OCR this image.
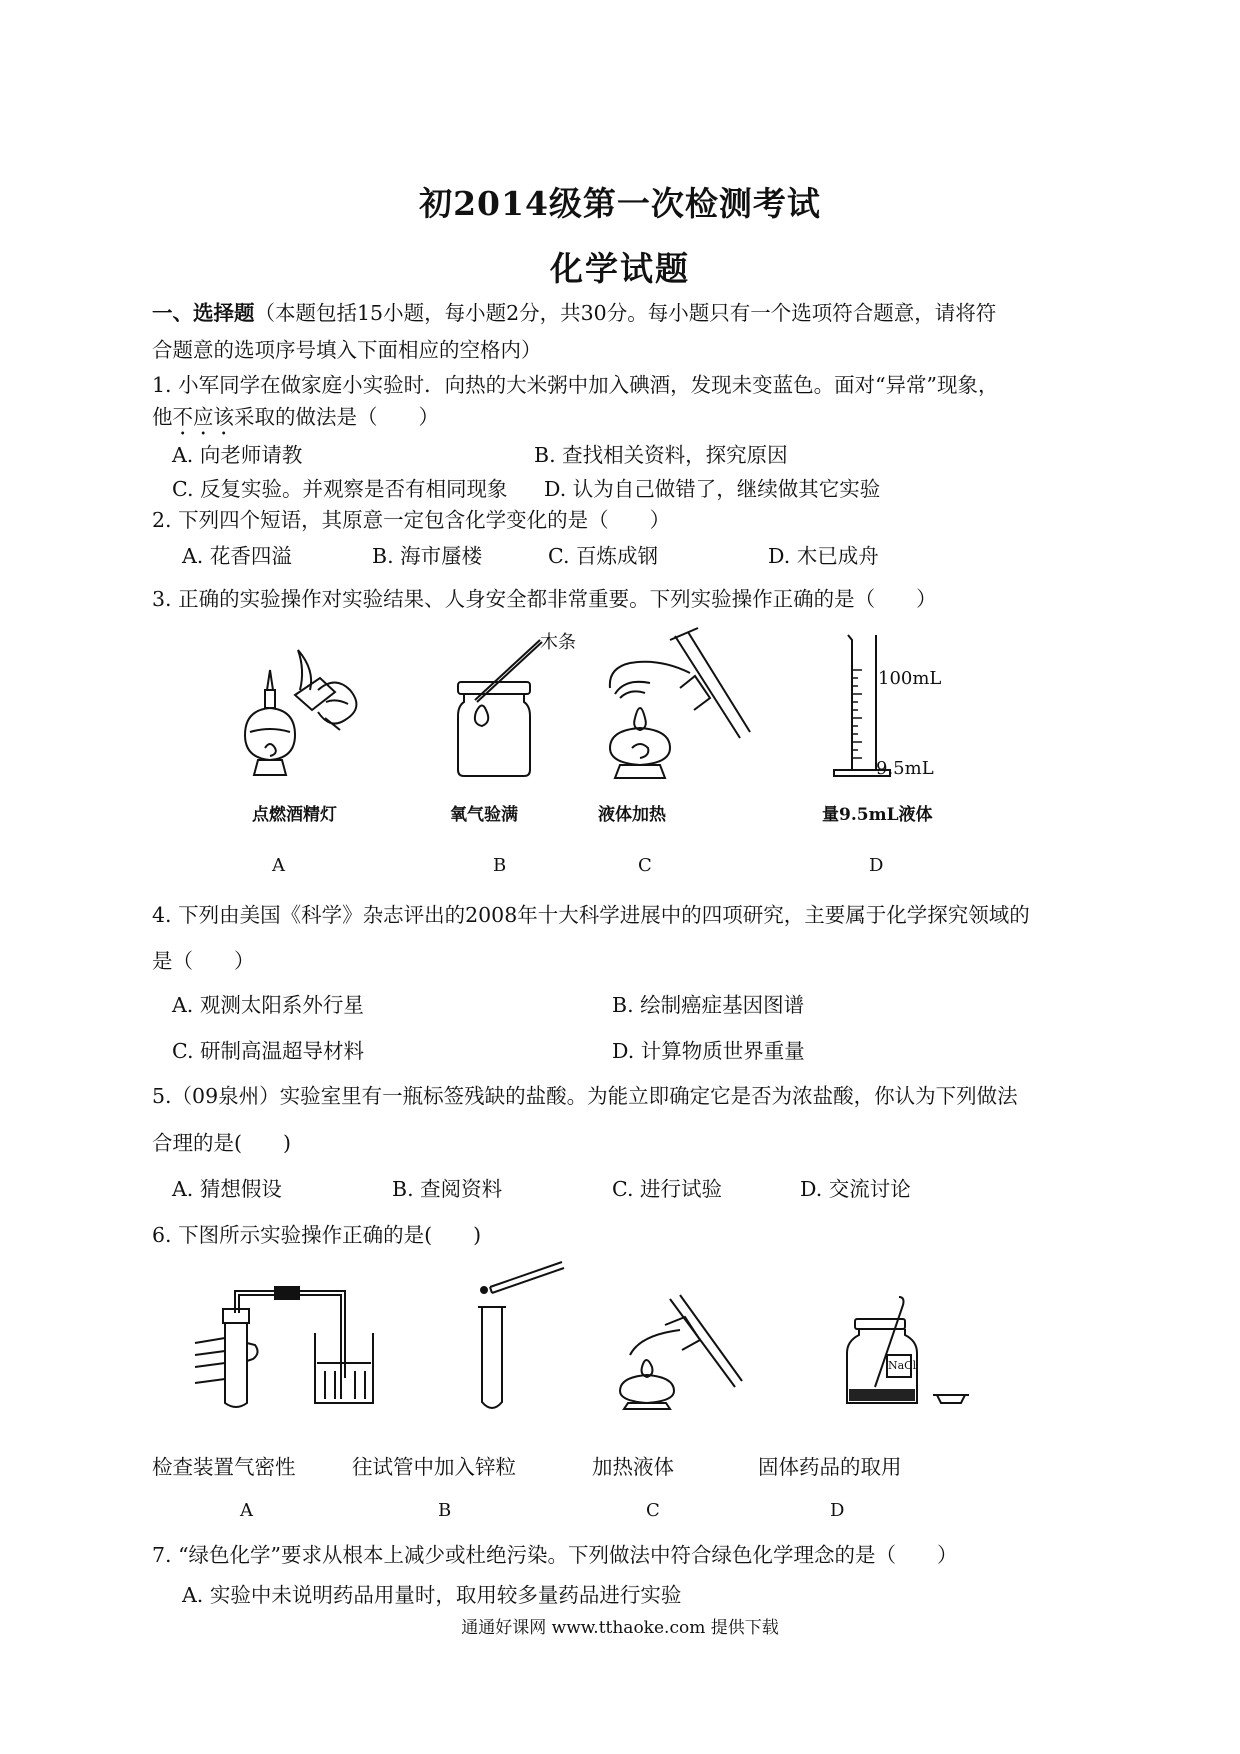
初2014级第一次检测考试
化学试题
一、选择题（本题包括15小题，每小题2分，共30分。每小题只有一个选项符合题意，请将符
合题意的选项序号填入下面相应的空格内）
1. 小军同学在做家庭小实验时．向热的大米粥中加入碘酒，发现未变蓝色。面对“异常”现象，
他不应该采取的做法是（　　）
A. 向老师请教	B. 查找相关资料，探究原因
C. 反复实验。并观察是否有相同现象 D. 认为自己做错了，继续做其它实验
2. 下列四个短语，其原意一定包含化学变化的是（　　）
A. 花香四溢	B. 海市蜃楼	C. 百炼成钢	D. 木已成舟
3. 正确的实验操作对实验结果、人身安全都非常重要。下列实验操作正确的是（　　）
木条
100mL
9.5mL
点燃酒精灯	氧气验满	液体加热	量9.5mL液体
A	B	C	D
4. 下列由美国《科学》杂志评出的2008年十大科学进展中的四项研究，主要属于化学探究领域的
是（　　）
A. 观测太阳系外行星	B. 绘制癌症基因图谱
C. 研制高温超导材料	D. 计算物质世界重量
5.（09泉州）实验室里有一瓶标签残缺的盐酸。为能立即确定它是否为浓盐酸，你认为下列做法
合理的是(　　)
A. 猜想假设	B. 查阅资料	C. 进行试验	D. 交流讨论
6. 下图所示实验操作正确的是(　　)
NaCl
检查装置气密性	往试管中加入锌粒	加热液体	固体药品的取用
A	B	C	D
7. “绿色化学”要求从根本上减少或杜绝污染。下列做法中符合绿色化学理念的是（　　）
A. 实验中未说明药品用量时，取用较多量药品进行实验
通通好课网 www.tthaoke.com 提供下载
